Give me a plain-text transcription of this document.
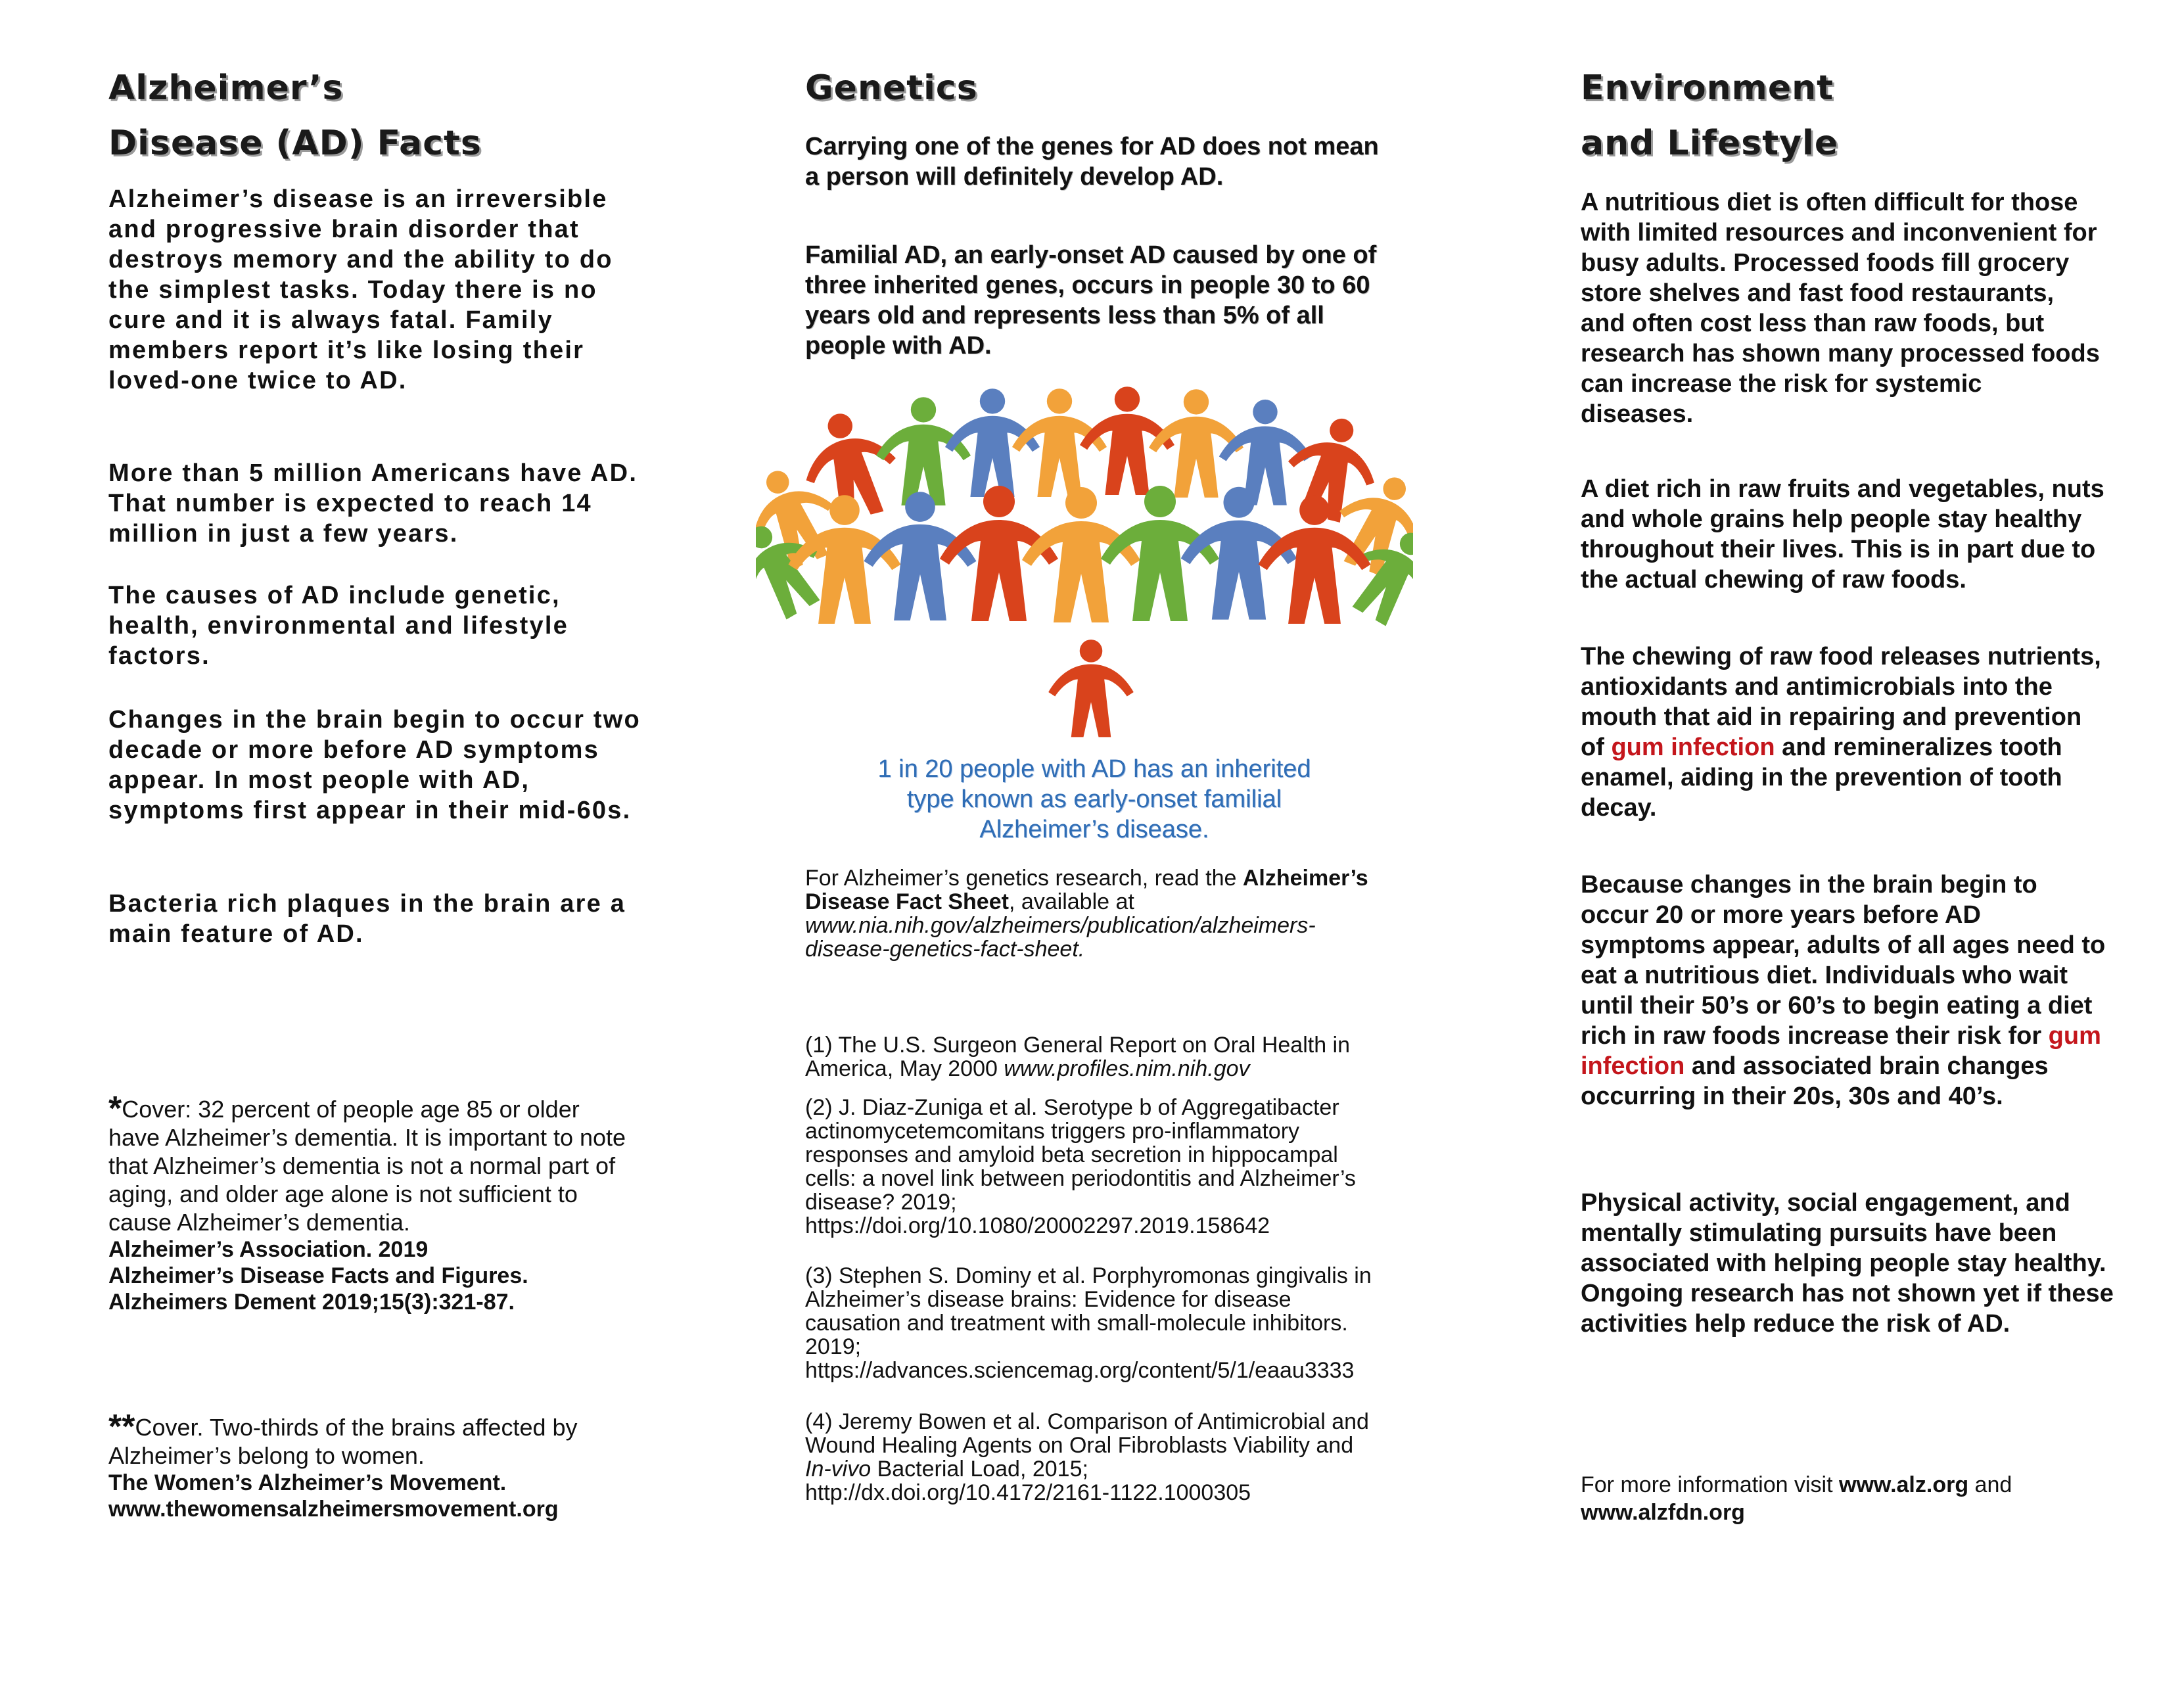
Alzheimer’s

Disease (AD) Facts

Alzheimer’s disease is an irreversible and progressive brain disorder that destroys memory and the ability to do the simplest tasks. Today there is no cure and it is always fatal. Family members report it’s like losing their loved-one twice to AD.

More than 5 million Americans have AD. That number is expected to reach 14 million in just a few years.

The causes of AD include genetic, health, environmental and lifestyle factors.

Changes in the brain begin to occur two decade or more before AD symptoms appear. In most people with AD, symptoms first appear in their mid-60s.

Bacteria rich plaques in the brain are a main feature of AD.

*Cover: 32 percent of people age 85 or older have Alzheimer’s dementia. It is important to note that Alzheimer’s dementia is not a normal part of aging, and older age alone is not sufficient to cause Alzheimer’s dementia.

Alzheimer’s Association. 2019

Alzheimer’s Disease Facts and Figures.

Alzheimers Dement 2019;15(3):321-87.

**Cover. Two-thirds of the brains affected by Alzheimer’s belong to women.

The Women’s Alzheimer’s Movement.

www.thewomensalzheimersmovement.org

Genetics

Carrying one of the genes for AD does not mean a person will definitely develop AD.

Familial AD, an early-onset AD caused by one of three inherited genes, occurs in people 30 to 60 years old and represents less than 5% of all people with AD.

1 in 20 people with AD has an inherited

type known as early-onset familial

Alzheimer’s disease.

For Alzheimer’s genetics research, read the Alzheimer’s Disease Fact Sheet, available at

www.nia.nih.gov/alzheimers/publication/alzheimers-disease-genetics-fact-sheet.

(1) The U.S. Surgeon General Report on Oral Health in America, May 2000 www.profiles.nim.nih.gov

(2) J. Diaz-Zuniga et al. Serotype b of Aggregatibacter actinomycetemcomitans triggers pro-inflammatory responses and amyloid beta secretion in hippocampal cells: a novel link between periodontitis and Alzheimer’s disease? 2019; https://doi.org/10.1080/20002297.2019.158642

(3) Stephen S. Dominy et al. Porphyromonas gingivalis in Alzheimer’s disease brains: Evidence for disease causation and treatment with small-molecule inhibitors. 2019; https://advances.sciencemag.org/content/5/1/eaau3333

(4) Jeremy Bowen et al. Comparison of Antimicrobial and Wound Healing Agents on Oral Fibroblasts Viability and In-vivo Bacterial Load, 2015; http://dx.doi.org/10.4172/2161-1122.1000305

Environment

and Lifestyle

A nutritious diet is often difficult for those with limited resources and inconvenient for busy adults. Processed foods fill grocery store shelves and fast food restaurants, and often cost less than raw foods, but research has shown many processed foods can increase the risk for systemic diseases.

A diet rich in raw fruits and vegetables, nuts and whole grains help people stay healthy throughout their lives. This is in part due to the actual chewing of raw foods.

The chewing of raw food releases nutrients, antioxidants and antimicrobials into the mouth that aid in repairing and prevention of gum infection and remineralizes tooth enamel, aiding in the prevention of tooth decay.

Because changes in the brain begin to occur 20 or more years before AD symptoms appear, adults of all ages need to eat a nutritious diet. Individuals who wait until their 50’s or 60’s to begin eating a diet rich in raw foods increase their risk for gum infection and associated brain changes occurring in their 20s, 30s and 40’s.

Physical activity, social engagement, and mentally stimulating pursuits have been associated with helping people stay healthy. Ongoing research has not shown yet if these activities help reduce the risk of AD.

For more information visit www.alz.org and

www.alzfdn.org
